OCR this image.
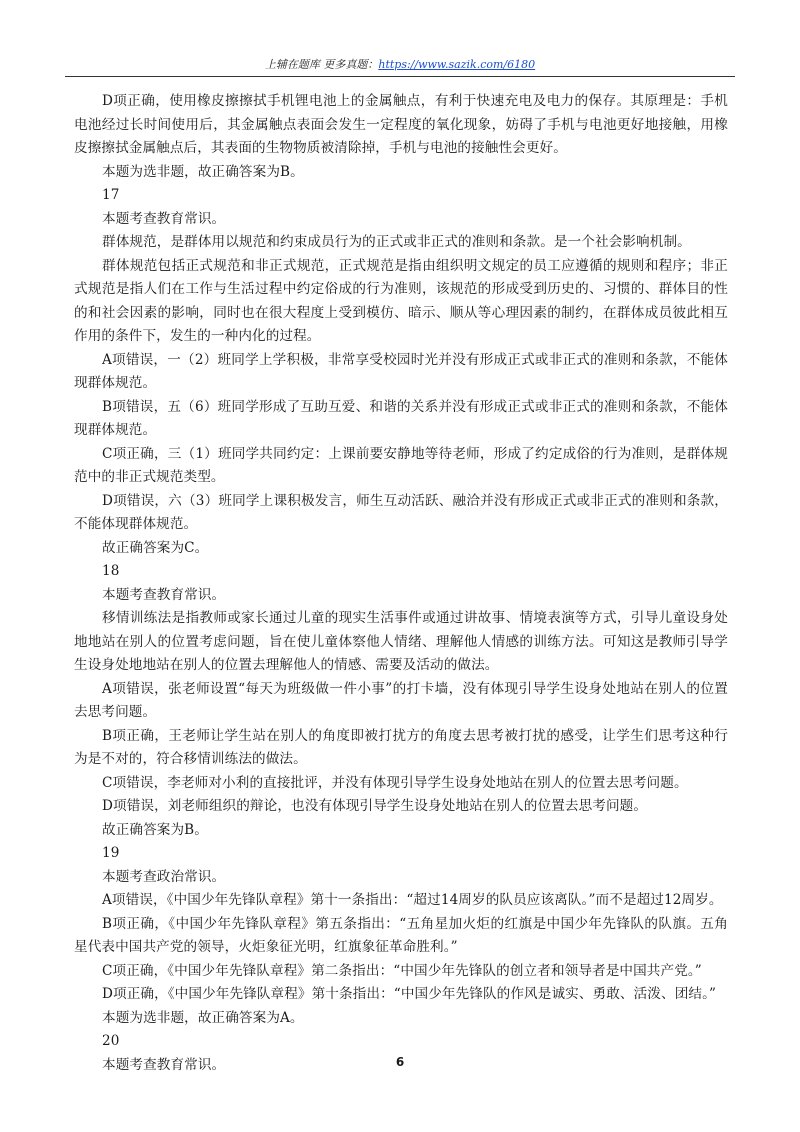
上辅在题库 更多真题：https://www.sazik.com/6180

D项正确，使用橡皮擦擦拭手机锂电池上的金属触点，有利于快速充电及电力的保存。其原理是：手机电池经过长时间使用后，其金属触点表面会发生一定程度的氧化现象，妨碍了手机与电池更好地接触，用橡皮擦擦拭金属触点后，其表面的生物物质被清除掉，手机与电池的接触性会更好。

本题为选非题，故正确答案为B。

17

本题考查教育常识。

群体规范，是群体用以规范和约束成员行为的正式或非正式的准则和条款。是一个社会影响机制。

群体规范包括正式规范和非正式规范，正式规范是指由组织明文规定的员工应遵循的规则和程序；非正式规范是指人们在工作与生活过程中约定俗成的行为准则，该规范的形成受到历史的、习惯的、群体目的性的和社会因素的影响，同时也在很大程度上受到模仿、暗示、顺从等心理因素的制约，在群体成员彼此相互作用的条件下，发生的一种内化的过程。

A项错误，一（2）班同学上学积极，非常享受校园时光并没有形成正式或非正式的准则和条款，不能体现群体规范。

B项错误，五（6）班同学形成了互助互爱、和谐的关系并没有形成正式或非正式的准则和条款，不能体现群体规范。

C项正确，三（1）班同学共同约定：上课前要安静地等待老师，形成了约定成俗的行为准则，是群体规范中的非正式规范类型。

D项错误，六（3）班同学上课积极发言，师生互动活跃、融洽并没有形成正式或非正式的准则和条款，不能体现群体规范。

故正确答案为C。

18

本题考查教育常识。

移情训练法是指教师或家长通过儿童的现实生活事件或通过讲故事、情境表演等方式，引导儿童设身处地地站在别人的位置考虑问题，旨在使儿童体察他人情绪、理解他人情感的训练方法。可知这是教师引导学生设身处地地站在别人的位置去理解他人的情感、需要及活动的做法。

A项错误，张老师设置“每天为班级做一件小事”的打卡墙，没有体现引导学生设身处地站在别人的位置去思考问题。

B项正确，王老师让学生站在别人的角度即被打扰方的角度去思考被打扰的感受，让学生们思考这种行为是不对的，符合移情训练法的做法。

C项错误，李老师对小利的直接批评，并没有体现引导学生设身处地站在别人的位置去思考问题。

D项错误，刘老师组织的辩论，也没有体现引导学生设身处地站在别人的位置去思考问题。

故正确答案为B。

19

本题考查政治常识。

A项错误，《中国少年先锋队章程》第十一条指出：“超过14周岁的队员应该离队。”而不是超过12周岁。

B项正确，《中国少年先锋队章程》第五条指出：“五角星加火炬的红旗是中国少年先锋队的队旗。五角星代表中国共产党的领导，火炬象征光明，红旗象征革命胜利。”

C项正确，《中国少年先锋队章程》第二条指出：“中国少年先锋队的创立者和领导者是中国共产党。”

D项正确，《中国少年先锋队章程》第十条指出：“中国少年先锋队的作风是诚实、勇敢、活泼、团结。”

本题为选非题，故正确答案为A。

20

本题考查教育常识。	6
